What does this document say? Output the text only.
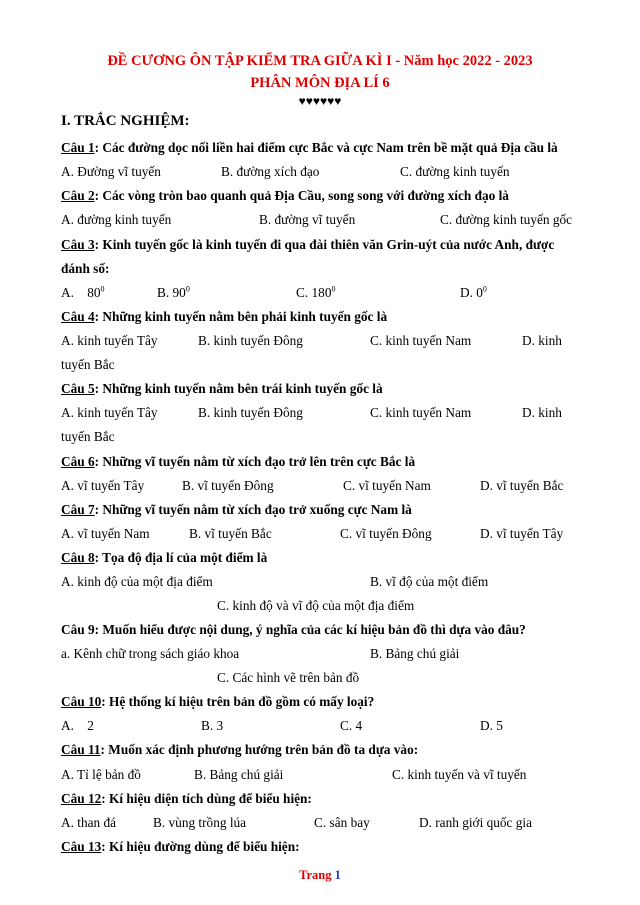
ĐỀ CƯƠNG ÔN TẬP KIỂM TRA GIỮA KÌ I - Năm học 2022 - 2023
PHÂN MÔN ĐỊA LÍ 6
♥♥♥♥♥♥
I. TRẮC NGHIỆM:
Câu 1: Các đường dọc nối liền hai điểm cực Bắc và cực Nam trên bề mặt quả Địa cầu là
A. Đường vĩ tuyến	B. đường xích đạo	C. đường kinh tuyến
Câu 2: Các vòng tròn bao quanh quả Địa Cầu, song song với đường xích đạo là
A. đường kinh tuyến	B. đường vĩ tuyến	C. đường kinh tuyến gốc
Câu 3: Kinh tuyến gốc là kinh tuyến đi qua đài thiên văn Grin-uýt của nước Anh, được
đánh số:
A.    $80^0$	B. $90^0$	C. $180^0$	D. $0^0$
Câu 4: Những kinh tuyến nằm bên phải kinh tuyến gốc là
A. kinh tuyến Tây	B. kinh tuyến Đông	C. kinh tuyến Nam	D. kinh
tuyến Bắc
Câu 5: Những kinh tuyến nằm bên trái kinh tuyến gốc là
A. kinh tuyến Tây	B. kinh tuyến Đông	C. kinh tuyến Nam	D. kinh
tuyến Bắc
Câu 6: Những vĩ tuyến nằm từ xích đạo trở lên trên cực Bắc là
A. vĩ tuyến Tây	B. vĩ tuyến Đông	C. vĩ tuyến Nam	D. vĩ tuyến Bắc
Câu 7: Những vĩ tuyến nằm từ xích đạo trở xuống cực Nam là
A. vĩ tuyến Nam	B. vĩ tuyến Bắc	C. vĩ tuyến Đông	D. vĩ tuyến Tây
Câu 8: Tọa độ địa lí của một điểm là
A. kinh độ của một địa điểm	B. vĩ độ của một điểm
C. kinh độ và vĩ độ của một địa điểm
Câu 9: Muốn hiểu được nội dung, ý nghĩa của các kí hiệu bản đồ thì dựa vào đâu?
a. Kênh chữ trong sách giáo khoa	B. Bảng chú giải
C. Các hình vẽ trên bản đồ
Câu 10: Hệ thống kí hiệu trên bản đồ gồm có mấy loại?
A.    2	B. 3	C. 4	D. 5
Câu 11: Muốn xác định phương hướng trên bản đồ ta dựa vào:
A. Tỉ lệ bản đồ	B. Bảng chú giải	C. kinh tuyến và vĩ tuyến
Câu 12: Kí hiệu diện tích dùng để biểu hiện:
A. than đá	B. vùng trồng lúa	C. sân bay	D. ranh giới quốc gia
Câu 13: Kí hiệu đường dùng để biểu hiện:
Trang 1
